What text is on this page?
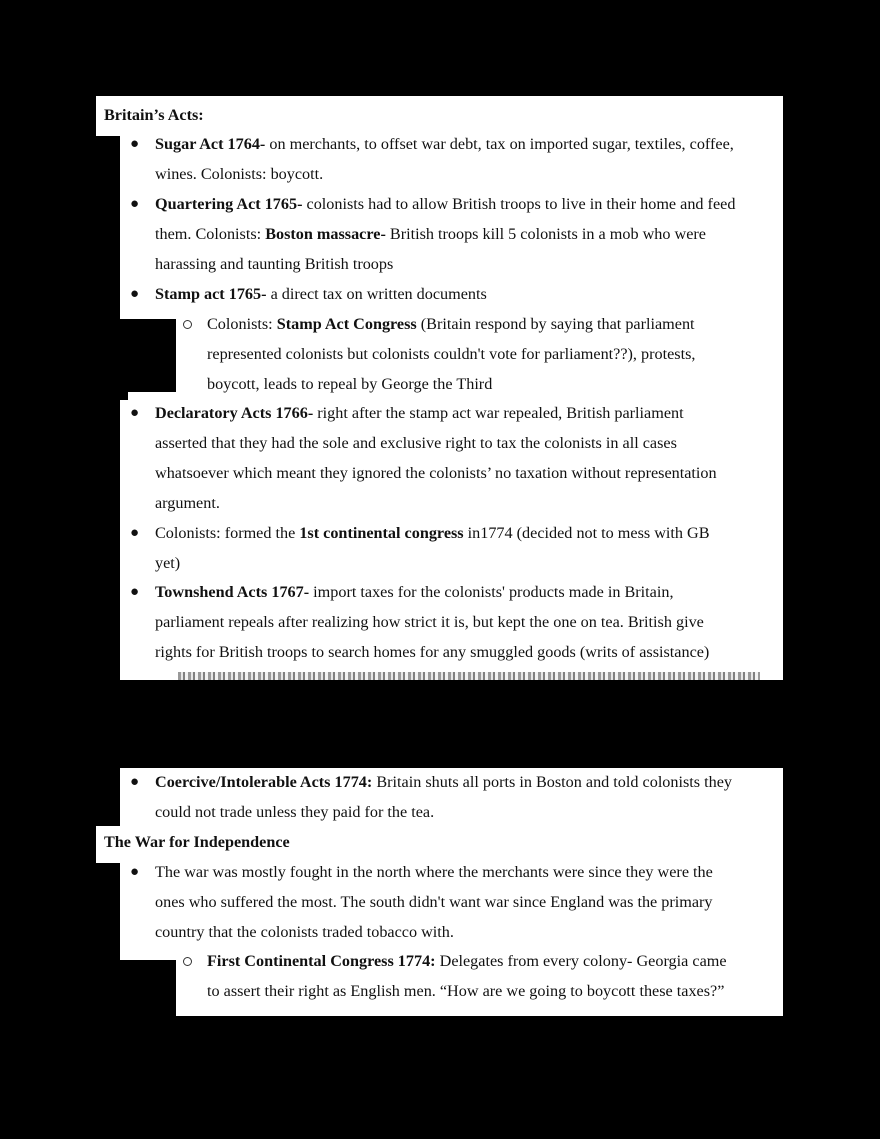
Britain’s Acts:
● Sugar Act 1764- on merchants, to offset war debt, tax on imported sugar, textiles, coffee,
wines. Colonists: boycott.
● Quartering Act 1765- colonists had to allow British troops to live in their home and feed
them. Colonists: Boston massacre- British troops kill 5 colonists in a mob who were
harassing and taunting British troops
● Stamp act 1765- a direct tax on written documents
Colonists: Stamp Act Congress (Britain respond by saying that parliament
represented colonists but colonists couldn't vote for parliament??), protests,
boycott, leads to repeal by George the Third
● Declaratory Acts 1766- right after the stamp act war repealed, British parliament
asserted that they had the sole and exclusive right to tax the colonists in all cases
whatsoever which meant they ignored the colonists’ no taxation without representation
argument.
● Colonists: formed the 1st continental congress in1774 (decided not to mess with GB
yet)
● Townshend Acts 1767- import taxes for the colonists' products made in Britain,
parliament repeals after realizing how strict it is, but kept the one on tea. British give
rights for British troops to search homes for any smuggled goods (writs of assistance)
● Coercive/Intolerable Acts 1774: Britain shuts all ports in Boston and told colonists they
could not trade unless they paid for the tea.
The War for Independence
● The war was mostly fought in the north where the merchants were since they were the
ones who suffered the most. The south didn't want war since England was the primary
country that the colonists traded tobacco with.
First Continental Congress 1774: Delegates from every colony- Georgia came
to assert their right as English men. “How are we going to boycott these taxes?”
